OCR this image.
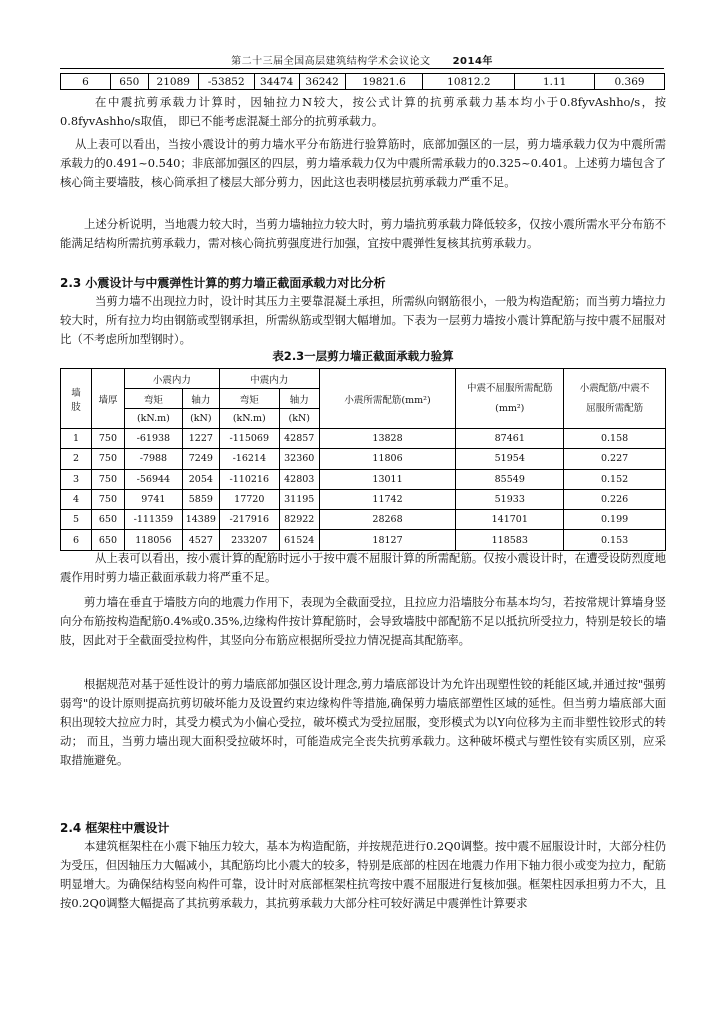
第二十三届全国高层建筑结构学术会议论文 2014年
6	650	21089	-53852	34474	36242	19821.6	10812.2	1.11	0.369

在中震抗剪承载力计算时，因轴拉力N较大，按公式计算的抗剪承载力基本均小于0.8fyvAshho/s，按0.8fyvAshho/s取值， 即已不能考虑混凝土部分的抗剪承载力。

从上表可以看出，当按小震设计的剪力墙水平分布筋进行验算筋时，底部加强区的一层，剪力墙承载力仅为中震所需承载力的0.491~0.540；非底部加强区的四层，剪力墙承载力仅为中震所需承载力的0.325~0.401。上述剪力墙包含了核心筒主要墙肢，核心筒承担了楼层大部分剪力，因此这也表明楼层抗剪承载力严重不足。

上述分析说明，当地震力较大时，当剪力墙轴拉力较大时，剪力墙抗剪承载力降低较多，仅按小震所需水平分布筋不能满足结构所需抗剪承载力，需对核心筒抗剪强度进行加强，宜按中震弹性复核其抗剪承载力。

2.3 小震设计与中震弹性计算的剪力墙正截面承载力对比分析

当剪力墙不出现拉力时，设计时其压力主要靠混凝土承担，所需纵向钢筋很小，一般为构造配筋；而当剪力墙拉力较大时，所有拉力均由钢筋或型钢承担，所需纵筋或型钢大幅增加。下表为一层剪力墙按小震计算配筋与按中震不屈服对比（不考虑所加型钢时）。

表2.3一层剪力墙正截面承载力验算
墙肢	墙厚	小震内力		中震内力		小震所需配筋(mm²)	中震不屈服所需配筋(mm²)	小震配筋/中震不屈服所需配筋
		弯矩	轴力	弯矩	轴力			
		(kN.m)	(kN)	(kN.m)	(kN)			
1	750	-61938	1227	-115069	42857	13828	87461	0.158
2	750	-7988	7249	-16214	32360	11806	51954	0.227
3	750	-56944	2054	-110216	42803	13011	85549	0.152
4	750	9741	5859	17720	31195	11742	51933	0.226
5	650	-111359	14389	-217916	82922	28268	141701	0.199
6	650	118056	4527	233207	61524	18127	118583	0.153

从上表可以看出，按小震计算的配筋时远小于按中震不屈服计算的所需配筋。仅按小震设计时，在遭受设防烈度地震作用时剪力墙正截面承载力将严重不足。

剪力墙在垂直于墙肢方向的地震力作用下，表现为全截面受拉，且拉应力沿墙肢分布基本均匀，若按常规计算墙身竖向分布筋按构造配筋0.4%或0.35%,边缘构件按计算配筋时，会导致墙肢中部配筋不足以抵抗所受拉力，特别是较长的墙肢，因此对于全截面受拉构件，其竖向分布筋应根据所受拉力情况提高其配筋率。

根据规范对基于延性设计的剪力墙底部加强区设计理念,剪力墙底部设计为允许出现塑性铰的耗能区域,并通过按"强剪弱弯"的设计原则提高抗剪切破坏能力及设置约束边缘构件等措施,确保剪力墙底部塑性区域的延性。但当剪力墙底部大面积出现较大拉应力时，其受力模式为小偏心受拉，破坏模式为受拉屈服，变形模式为以Y向位移为主而非塑性铰形式的转动； 而且，当剪力墙出现大面积受拉破坏时，可能造成完全丧失抗剪承载力。这种破坏模式与塑性铰有实质区别，应采取措施避免。

2.4 框架柱中震设计

本建筑框架柱在小震下轴压力较大，基本为构造配筋，并按规范进行0.2Q0调整。按中震不屈服设计时，大部分柱仍为受压，但因轴压力大幅减小，其配筋均比小震大的较多，特别是底部的柱因在地震力作用下轴力很小或变为拉力，配筋明显增大。为确保结构竖向构件可靠，设计时对底部框架柱抗弯按中震不屈服进行复核加强。框架柱因承担剪力不大，且按0.2Q0调整大幅提高了其抗剪承载力，其抗剪承载力大部分柱可较好满足中震弹性计算要求
